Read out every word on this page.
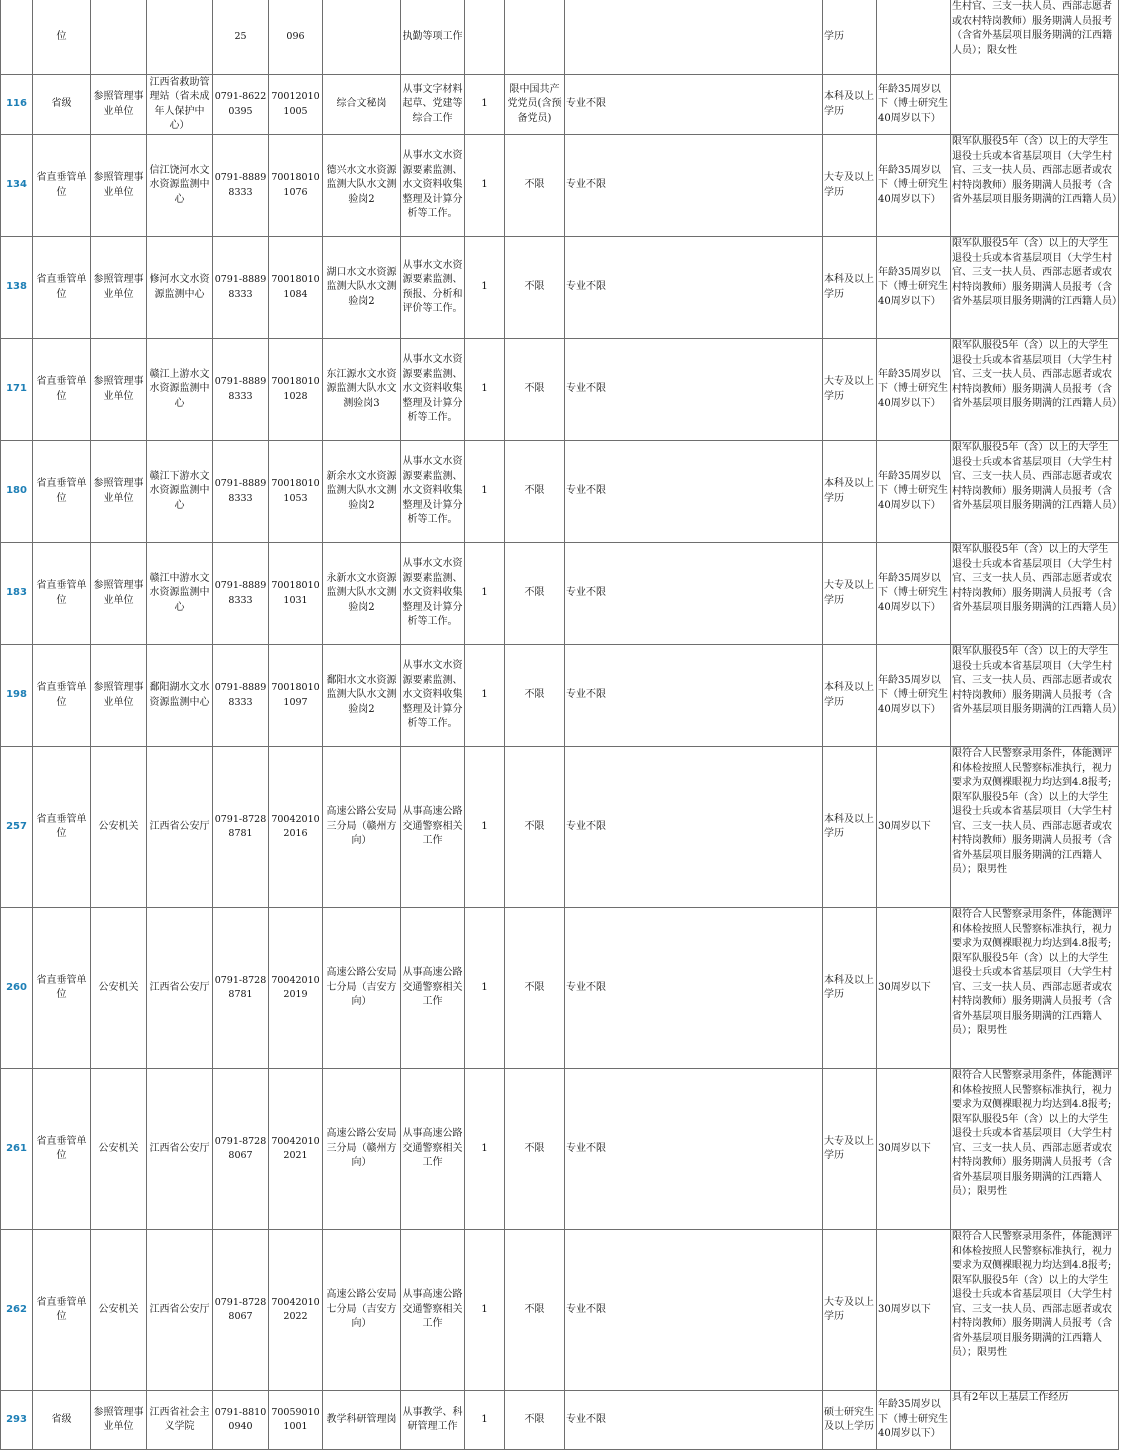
	位			25	096		执勤等项工作				学历		生村官、三支一扶人员、西部志愿者或农村特岗教师）服务期满人员报考（含省外基层项目服务期满的江西籍人员）；限女性
116	省级	参照管理事业单位	江西省救助管理站（省未成年人保护中心）	0791-86220395	700120101005	综合文秘岗	从事文字材料起草、党建等综合工作	1	限中国共产党党员(含预备党员)	专业不限	本科及以上学历	年龄35周岁以下（博士研究生40周岁以下）	
134	省直垂管单位	参照管理事业单位	信江饶河水文水资源监测中心	0791-88898333	700180101076	德兴水文水资源监测大队水文测验岗2	从事水文水资源要素监测、水文资料收集整理及计算分析等工作。	1	不限	专业不限	大专及以上学历	年龄35周岁以下（博士研究生40周岁以下）	限军队服役5年（含）以上的大学生退役士兵或本省基层项目（大学生村官、三支一扶人员、西部志愿者或农村特岗教师）服务期满人员报考（含省外基层项目服务期满的江西籍人员）
138	省直垂管单位	参照管理事业单位	修河水文水资源监测中心	0791-88898333	700180101084	湖口水文水资源监测大队水文测验岗2	从事水文水资源要素监测、预报、分析和评价等工作。	1	不限	专业不限	本科及以上学历	年龄35周岁以下（博士研究生40周岁以下）	限军队服役5年（含）以上的大学生退役士兵或本省基层项目（大学生村官、三支一扶人员、西部志愿者或农村特岗教师）服务期满人员报考（含省外基层项目服务期满的江西籍人员）
171	省直垂管单位	参照管理事业单位	赣江上游水文水资源监测中心	0791-88898333	700180101028	东江源水文水资源监测大队水文测验岗3	从事水文水资源要素监测、水文资料收集整理及计算分析等工作。	1	不限	专业不限	大专及以上学历	年龄35周岁以下（博士研究生40周岁以下）	限军队服役5年（含）以上的大学生退役士兵或本省基层项目（大学生村官、三支一扶人员、西部志愿者或农村特岗教师）服务期满人员报考（含省外基层项目服务期满的江西籍人员）
180	省直垂管单位	参照管理事业单位	赣江下游水文水资源监测中心	0791-88898333	700180101053	新余水文水资源监测大队水文测验岗2	从事水文水资源要素监测、水文资料收集整理及计算分析等工作。	1	不限	专业不限	本科及以上学历	年龄35周岁以下（博士研究生40周岁以下）	限军队服役5年（含）以上的大学生退役士兵或本省基层项目（大学生村官、三支一扶人员、西部志愿者或农村特岗教师）服务期满人员报考（含省外基层项目服务期满的江西籍人员）
183	省直垂管单位	参照管理事业单位	赣江中游水文水资源监测中心	0791-88898333	700180101031	永新水文水资源监测大队水文测验岗2	从事水文水资源要素监测、水文资料收集整理及计算分析等工作。	1	不限	专业不限	大专及以上学历	年龄35周岁以下（博士研究生40周岁以下）	限军队服役5年（含）以上的大学生退役士兵或本省基层项目（大学生村官、三支一扶人员、西部志愿者或农村特岗教师）服务期满人员报考（含省外基层项目服务期满的江西籍人员）
198	省直垂管单位	参照管理事业单位	鄱阳湖水文水资源监测中心	0791-88898333	700180101097	鄱阳水文水资源监测大队水文测验岗2	从事水文水资源要素监测、水文资料收集整理及计算分析等工作。	1	不限	专业不限	本科及以上学历	年龄35周岁以下（博士研究生40周岁以下）	限军队服役5年（含）以上的大学生退役士兵或本省基层项目（大学生村官、三支一扶人员、西部志愿者或农村特岗教师）服务期满人员报考（含省外基层项目服务期满的江西籍人员）
257	省直垂管单位	公安机关	江西省公安厅	0791-87288781	700420102016	高速公路公安局三分局（赣州方向）	从事高速公路交通警察相关工作	1	不限	专业不限	本科及以上学历	30周岁以下	限符合人民警察录用条件，体能测评和体检按照人民警察标准执行，视力要求为双侧裸眼视力均达到4.8报考;限军队服役5年（含）以上的大学生退役士兵或本省基层项目（大学生村官、三支一扶人员、西部志愿者或农村特岗教师）服务期满人员报考（含省外基层项目服务期满的江西籍人员）；限男性
260	省直垂管单位	公安机关	江西省公安厅	0791-87288781	700420102019	高速公路公安局七分局（吉安方向）	从事高速公路交通警察相关工作	1	不限	专业不限	本科及以上学历	30周岁以下	限符合人民警察录用条件，体能测评和体检按照人民警察标准执行，视力要求为双侧裸眼视力均达到4.8报考;限军队服役5年（含）以上的大学生退役士兵或本省基层项目（大学生村官、三支一扶人员、西部志愿者或农村特岗教师）服务期满人员报考（含省外基层项目服务期满的江西籍人员）；限男性
261	省直垂管单位	公安机关	江西省公安厅	0791-87288067	700420102021	高速公路公安局三分局（赣州方向）	从事高速公路交通警察相关工作	1	不限	专业不限	大专及以上学历	30周岁以下	限符合人民警察录用条件，体能测评和体检按照人民警察标准执行，视力要求为双侧裸眼视力均达到4.8报考;限军队服役5年（含）以上的大学生退役士兵或本省基层项目（大学生村官、三支一扶人员、西部志愿者或农村特岗教师）服务期满人员报考（含省外基层项目服务期满的江西籍人员）；限男性
262	省直垂管单位	公安机关	江西省公安厅	0791-87288067	700420102022	高速公路公安局七分局（吉安方向）	从事高速公路交通警察相关工作	1	不限	专业不限	大专及以上学历	30周岁以下	限符合人民警察录用条件，体能测评和体检按照人民警察标准执行，视力要求为双侧裸眼视力均达到4.8报考;限军队服役5年（含）以上的大学生退役士兵或本省基层项目（大学生村官、三支一扶人员、西部志愿者或农村特岗教师）服务期满人员报考（含省外基层项目服务期满的江西籍人员）；限男性
293	省级	参照管理事业单位	江西省社会主义学院	0791-88100940	700590101001	教学科研管理岗	从事教学、科研管理工作	1	不限	专业不限	硕士研究生及以上学历	年龄35周岁以下（博士研究生40周岁以下）	具有2年以上基层工作经历
